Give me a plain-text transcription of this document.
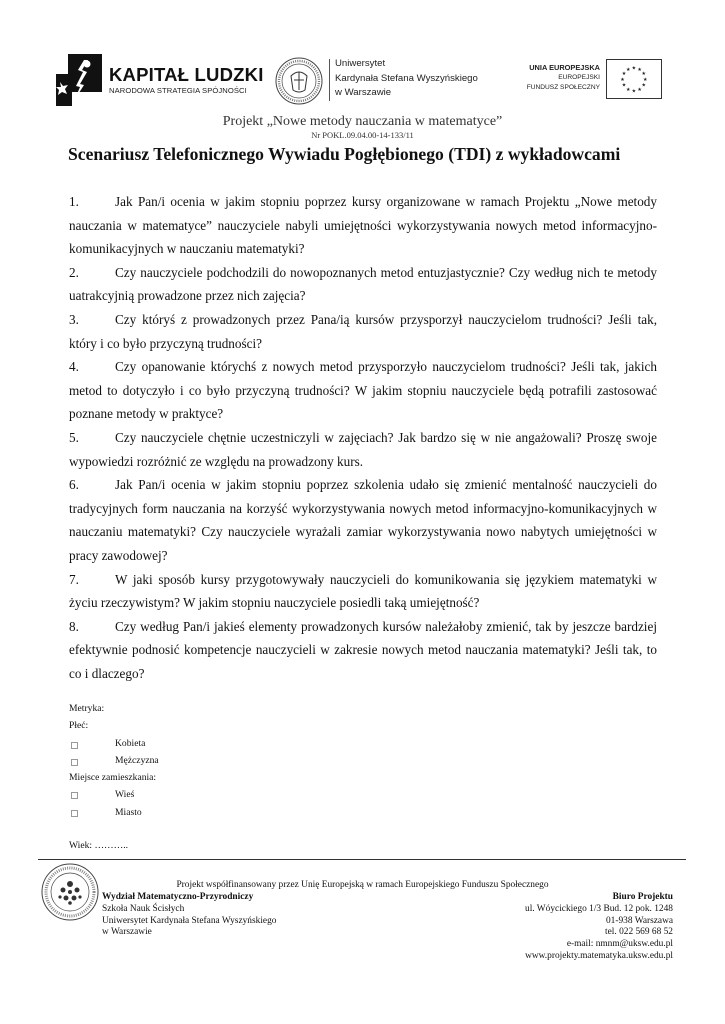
KAPITAŁ LUDZKI
NARODOWA STRATEGIA SPÓJNOŚCI
Uniwersytet
Kardynała Stefana Wyszyńskiego
w Warszawie
UNIA EUROPEJSKA
EUROPEJSKI
FUNDUSZ SPOŁECZNY
★
★
★
★
★
★
★
★
★ ★ ★
★
Projekt „Nowe metody nauczania w matematyce”
Nr POKL.09.04.00-14-133/11
Scenariusz Telefonicznego Wywiadu Pogłębionego (TDI) z wykładowcami
1.	Jak Pan/i ocenia w jakim stopniu poprzez kursy organizowane w ramach Projektu „Nowe metody nauczania w matematyce” nauczyciele nabyli umiejętności wykorzystywania nowych metod informacyjno-komunikacyjnych w nauczaniu matematyki?
2.	Czy nauczyciele podchodzili do nowopoznanych metod entuzjastycznie? Czy według nich te metody uatrakcyjnią prowadzone przez nich zajęcia?
3.	Czy któryś z prowadzonych przez Pana/ią kursów przysporzył nauczycielom trudności? Jeśli tak, który i co było przyczyną trudności?
4.	Czy opanowanie którychś z nowych metod przysporzyło nauczycielom trudności? Jeśli tak, jakich metod to dotyczyło i co było przyczyną trudności? W jakim stopniu nauczyciele będą potrafili zastosować poznane metody w praktyce?
5.	Czy nauczyciele chętnie uczestniczyli w zajęciach? Jak bardzo się w nie angażowali? Proszę swoje wypowiedzi rozróżnić ze względu na prowadzony kurs.
6.	Jak Pan/i ocenia w jakim stopniu poprzez szkolenia udało się zmienić mentalność nauczycieli do tradycyjnych form nauczania na korzyść wykorzystywania nowych metod informacyjno-komunikacyjnych w nauczaniu matematyki? Czy nauczyciele wyrażali zamiar wykorzystywania nowo nabytych umiejętności w pracy zawodowej?
7.	W jaki sposób kursy przygotowywały nauczycieli do komunikowania się językiem matematyki w życiu rzeczywistym? W jakim stopniu nauczyciele posiedli taką umiejętność?
8.	Czy według Pan/i jakieś elementy prowadzonych kursów należałoby zmienić, tak by jeszcze bardziej efektywnie podnosić kompetencje nauczycieli w zakresie nowych metod nauczania matematyki? Jeśli tak, to co i dlaczego?
Metryka:
Płeć:
Kobieta
Mężczyzna
Miejsce zamieszkania:
Wieś
Miasto
Wiek: ………..
Projekt współfinansowany przez Unię Europejską w ramach Europejskiego Funduszu Społecznego
Wydział Matematyczno-Przyrodniczy
Szkoła Nauk Ścisłych
Uniwersytet Kardynała Stefana Wyszyńskiego
w Warszawie
Biuro Projektu
ul. Wóycickiego 1/3 Bud. 12 pok. 1248
01-938 Warszawa
tel. 022 569 68 52
e-mail: nmnm@uksw.edu.pl
www.projekty.matematyka.uksw.edu.pl
